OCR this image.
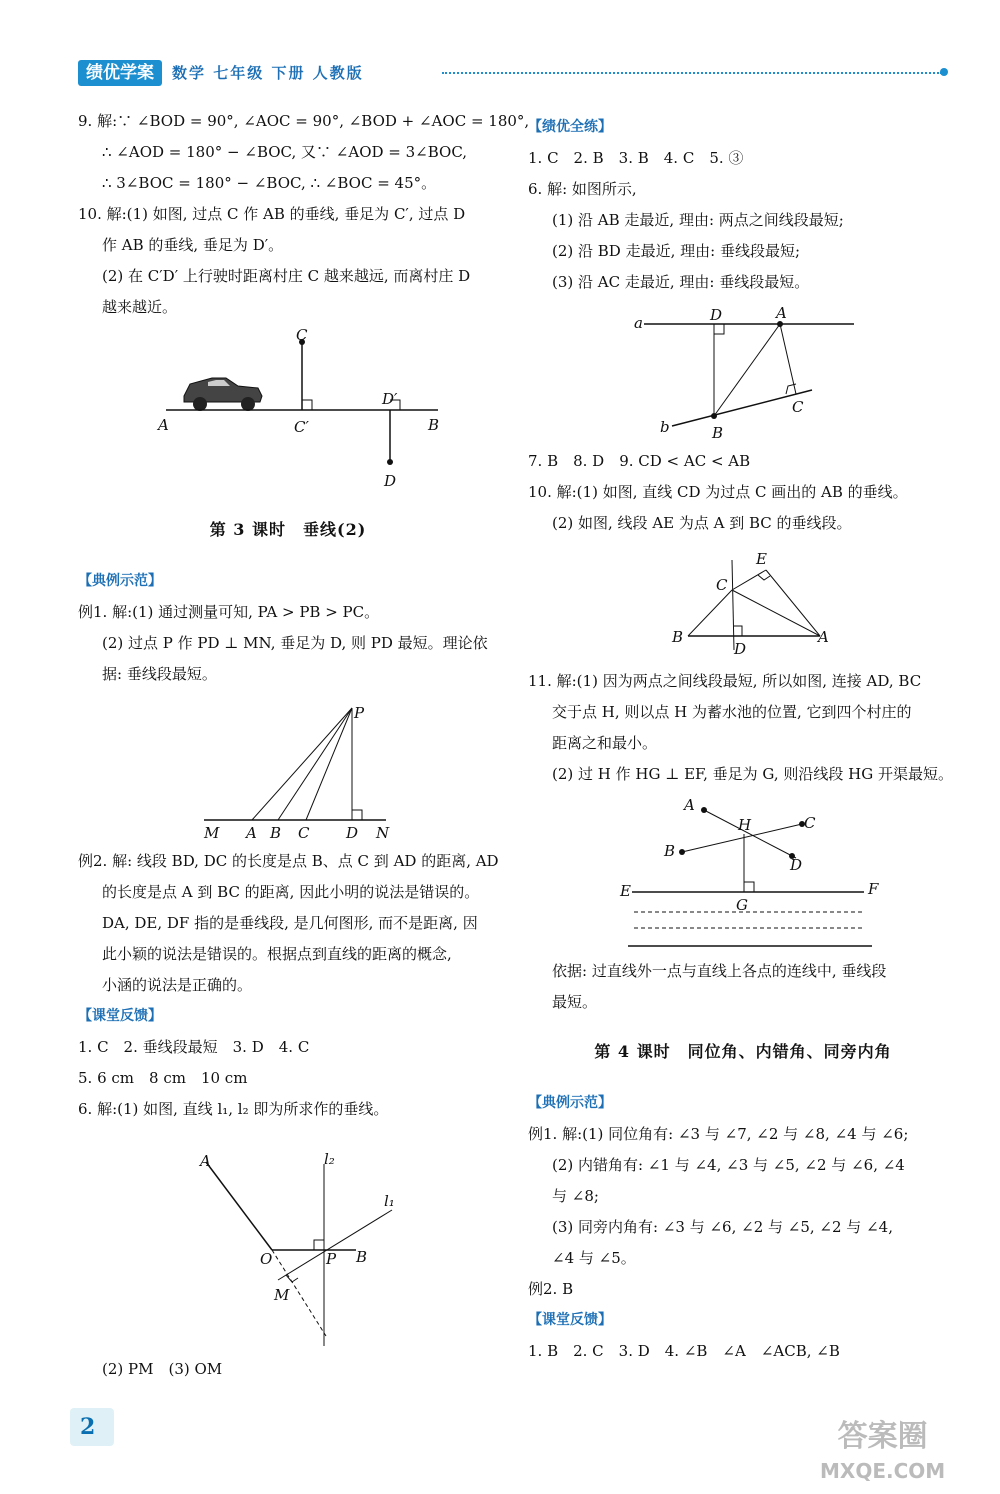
绩优学案	数学 七年级 下册 人教版

9. 解:∵ ∠BOD = 90°, ∠AOC = 90°, ∠BOD + ∠AOC = 180°,

∴ ∠AOD = 180° − ∠BOC, 又∵ ∠AOD = 3∠BOC,

∴ 3∠BOC = 180° − ∠BOC, ∴ ∠BOC = 45°。

10. 解:(1) 如图, 过点 C 作 AB 的垂线, 垂足为 C′, 过点 D

作 AB 的垂线, 垂足为 D′。

(2) 在 C′D′ 上行驶时距离村庄 C 越来越远, 而离村庄 D

越来越近。

C
A	C′
D′
B
D
第 3 课时　垂线(2)

【典例示范】

例1. 解:(1) 通过测量可知, PA > PB > PC。

(2) 过点 P 作 PD ⊥ MN, 垂足为 D, 则 PD 最短。理论依

据: 垂线段最短。

P
M A B C D N

例2. 解: 线段 BD, DC 的长度是点 B、点 C 到 AD 的距离, AD

的长度是点 A 到 BC 的距离, 因此小明的说法是错误的。

DA, DE, DF 指的是垂线段, 是几何图形, 而不是距离, 因

此小颖的说法是错误的。根据点到直线的距离的概念,

小涵的说法是正确的。

【课堂反馈】

1. C　2. 垂线段最短　3. D　4. C

5. 6 cm　8 cm　10 cm

6. 解:(1) 如图, 直线 l₁, l₂ 即为所求作的垂线。

A	l₂
l₁
O	P B
M

(2) PM　(3) OM

【绩优全练】

1. C　2. B　3. B　4. C　5. ③

6. 解: 如图所示,

(1) 沿 AB 走最近, 理由: 两点之间线段最短;

(2) 沿 BD 走最近, 理由: 垂线段最短;

(3) 沿 AC 走最近, 理由: 垂线段最短。

a	D	A
C
b	B

7. B　8. D　9. CD < AC < AB

10. 解:(1) 如图, 直线 CD 为过点 C 画出的 AB 的垂线。

(2) 如图, 线段 AE 为点 A 到 BC 的垂线段。

E
C
B
D
A

11. 解:(1) 因为两点之间线段最短, 所以如图, 连接 AD, BC

交于点 H, 则以点 H 为蓄水池的位置, 它到四个村庄的

距离之和最小。

(2) 过 H 作 HG ⊥ EF, 垂足为 G, 则沿线段 HG 开渠最短。

A
H	C
B
D
E	F
G

依据: 过直线外一点与直线上各点的连线中, 垂线段

最短。

第 4 课时　同位角、内错角、同旁内角

【典例示范】

例1. 解:(1) 同位角有: ∠3 与 ∠7, ∠2 与 ∠8, ∠4 与 ∠6;

(2) 内错角有: ∠1 与 ∠4, ∠3 与 ∠5, ∠2 与 ∠6, ∠4

与 ∠8;

(3) 同旁内角有: ∠3 与 ∠6, ∠2 与 ∠5, ∠2 与 ∠4,

∠4 与 ∠5。

例2. B

【课堂反馈】

1. B　2. C　3. D　4. ∠B　∠A　∠ACB, ∠B

2	答案圈
MXQE.COM
